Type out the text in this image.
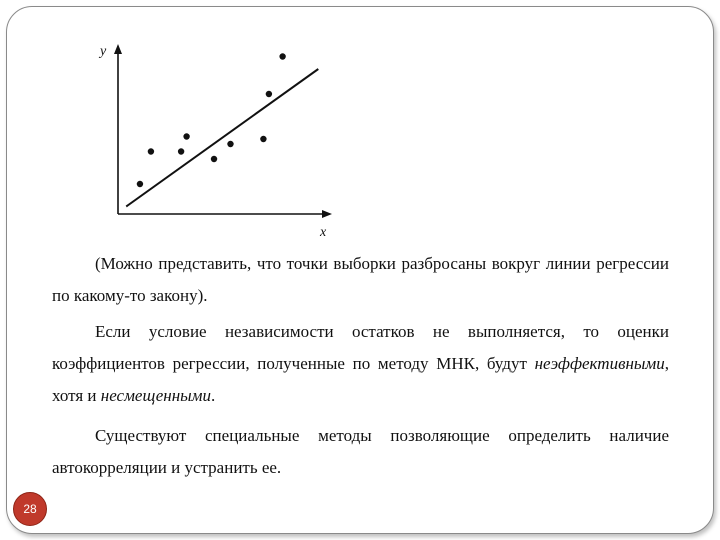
y
x

(Можно представить, что точки выборки разбросаны вокруг линии регрессии по какому-то закону).

Если условие независимости остатков не выполняется, то оценки коэффициентов регрессии, полученные по методу МНК, будут неэффективными, хотя и несмещенными.

Существуют специальные методы позволяющие определить наличие автокорреляции и устранить ее.

28
